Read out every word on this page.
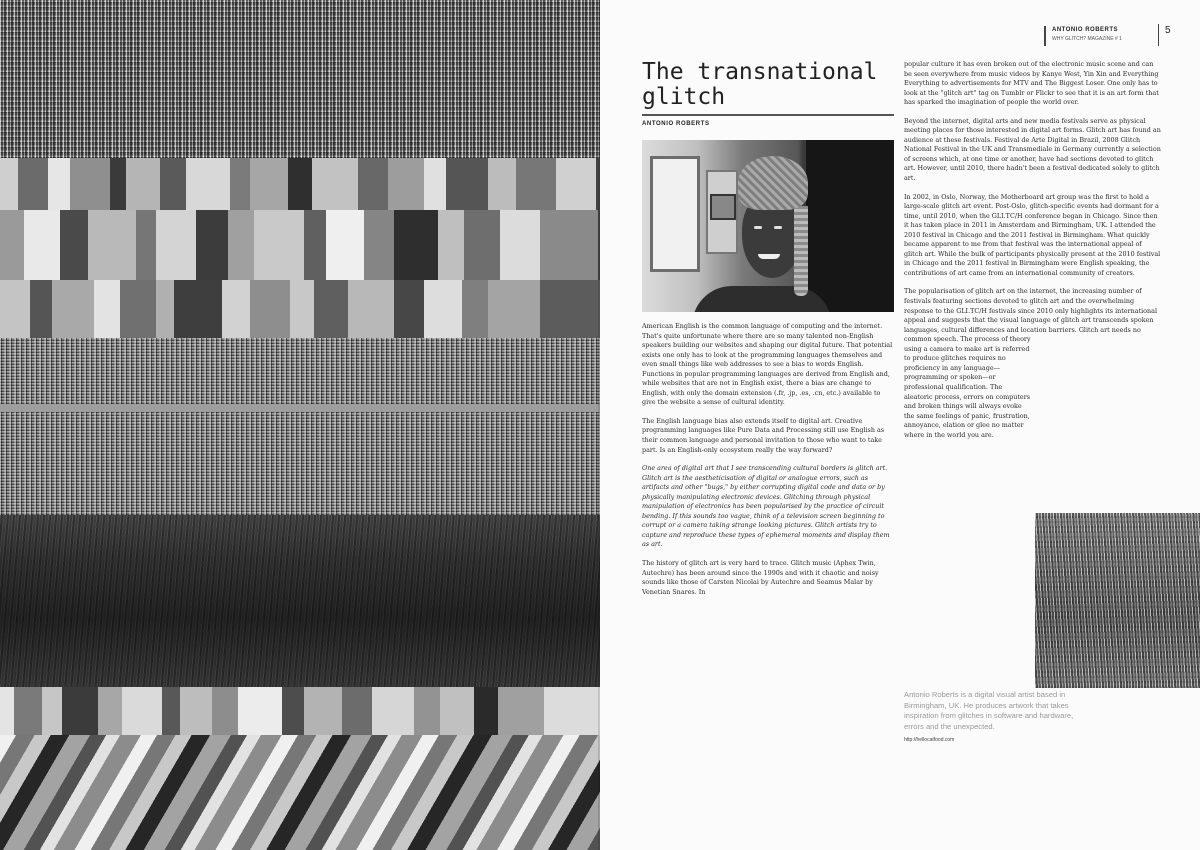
ANTONIO ROBERTS
WHY GLITCH? MAGAZINE # 1
5
The transnational glitch
ANTONIO ROBERTS

American English is the common language of computing and the internet. That's quite unfortunate where there are so many talented non-English speakers building our websites and shaping our digital future. That potential exists one only has to look at the programming languages themselves and even small things like web addresses to see a bias to words English. Functions in popular programming languages are derived from English and, while websites that are not in English exist, there a bias are change to English, with only the domain extension (.fr, .jp, .es, .cn, etc.) available to give the website a sense of cultural identity.

The English language bias also extends itself to digital art. Creative programming languages like Pure Data and Processing still use English as their common language and personal invitation to those who want to take part. Is an English-only ecosystem really the way forward?

One area of digital art that I see transcending cultural borders is glitch art. Glitch art is the aestheticisation of digital or analogue errors, such as artifacts and other "bugs," by either corrupting digital code and data or by physically manipulating electronic devices. Glitching through physical manipulation of electronics has been popularised by the practice of circuit bending. If this sounds too vague, think of a television screen beginning to corrupt or a camera taking strange looking pictures. Glitch artists try to capture and reproduce these types of ephemeral moments and display them as art.

The history of glitch art is very hard to trace. Glitch music (Aphex Twin, Autechre) has been around since the 1990s and with it chaotic and noisy sounds like those of Carsten Nicolai by Autechre and Seamus Malar by Venetian Snares. In

popular culture it has even broken out of the electronic music scene and can be seen everywhere from music videos by Kanye West, Yin Xin and Everything Everything to advertisements for MTV and The Biggest Loser. One only has to look at the "glitch art" tag on Tumblr or Flickr to see that it is an art form that has sparked the imagination of people the world over.

Beyond the internet, digital arts and new media festivals serve as physical meeting places for those interested in digital art forms. Glitch art has found an audience at these festivals. Festival de Arte Digital in Brazil, 2008 Glitch National Festival in the UK and Transmediale in Germany currently a selection of screens which, at one time or another, have had sections devoted to glitch art. However, until 2010, there hadn't been a festival dedicated solely to glitch art.

In 2002, in Oslo, Norway, the Motherboard art group was the first to hold a large-scale glitch art event. Post-Oslo, glitch-specific events had dormant for a time, until 2010, when the GLI.TC/H conference began in Chicago. Since then it has taken place in 2011 in Amsterdam and Birmingham, UK. I attended the 2010 festival in Chicago and the 2011 festival in Birmingham. What quickly became apparent to me from that festival was the international appeal of glitch art. While the bulk of participants physically present at the 2010 festival in Chicago and the 2011 festival in Birmingham were English speaking, the contributions of art came from an international community of creators.

The popularisation of glitch art on the internet, the increasing number of festivals featuring sections devoted to glitch art and the overwhelming response to the GLI.TC/H festivals since 2010 only highlights its international appeal and suggests that the visual language of glitch art transcends spoken languages, cultural differences and location barriers. Glitch art needs no common speech. The process of theory

using a camera to make art is referred to produce glitches requires no proficiency in any language—programming or spoken—or professional qualification. The aleatoric process, errors on computers and broken things will always evoke the same feelings of panic, frustration, annoyance, elation or glee no matter where in the world you are.

Antonio Roberts is a digital visual artist based in Birmingham, UK. He produces artwork that takes inspiration from glitches in software and hardware, errors and the unexpected.

http://hellocatfood.com
